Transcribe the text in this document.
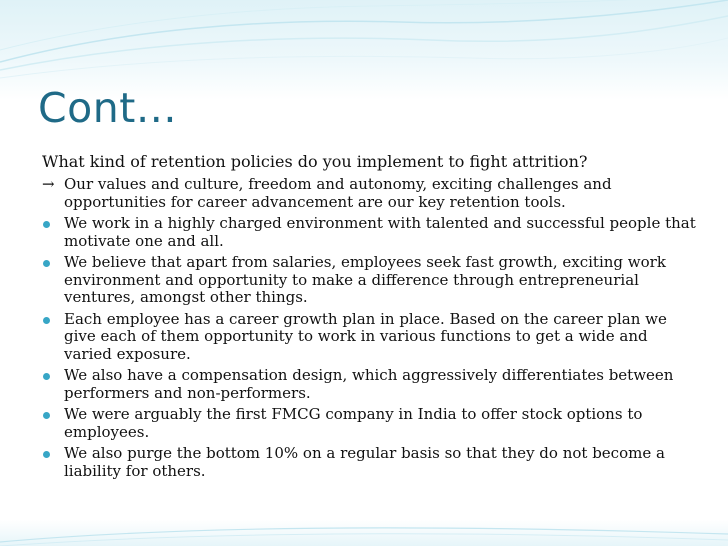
Cont…

What kind of retention policies do you implement to fight attrition?

→ Our values and culture, freedom and autonomy, exciting challenges and opportunities for career advancement are our key retention tools.

We work in a highly charged environment with talented and successful people that motivate one and all.
We believe that apart from salaries, employees seek fast growth, exciting work environment and opportunity to make a difference through entrepreneurial ventures, amongst other things.
Each employee has a career growth plan in place. Based on the career plan we give each of them opportunity to work in various functions to get a wide and varied exposure.
We also have a compensation design, which aggressively differentiates between performers and non-performers.
We were arguably the first FMCG company in India to offer stock options to employees.
We also purge the bottom 10% on a regular basis so that they do not become a liability for others.
